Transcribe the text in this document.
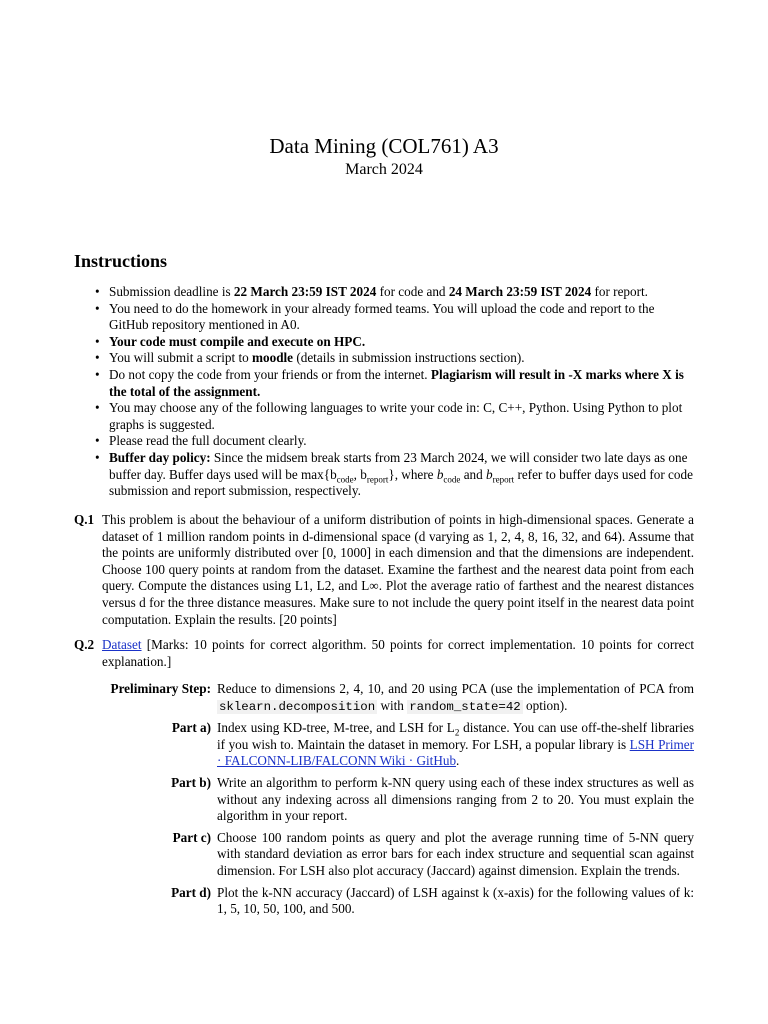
Data Mining (COL761) A3
March 2024
Instructions
• Submission deadline is 22 March 23:59 IST 2024 for code and 24 March 23:59 IST 2024 for report.
• You need to do the homework in your already formed teams. You will upload the code and report to the GitHub repository mentioned in A0.
• Your code must compile and execute on HPC.
• You will submit a script to moodle (details in submission instructions section).
• Do not copy the code from your friends or from the internet. Plagiarism will result in -X marks where X is the total of the assignment.
• You may choose any of the following languages to write your code in: C, C++, Python. Using Python to plot graphs is suggested.
• Please read the full document clearly.
• Buffer day policy: Since the midsem break starts from 23 March 2024, we will consider two late days as one buffer day. Buffer days used will be $\max\{b_{code}$, $b_{report}$}, where $b_{code}$ and $b_{report}$ refer to buffer days used for code submission and report submission, respectively.
Q.1 This problem is about the behaviour of a uniform distribution of points in high-dimensional spaces. Generate a dataset of 1 million random points in d-dimensional space (d varying as 1, 2, 4, 8, 16, 32, and 64). Assume that the points are uniformly distributed over [0, 1000] in each dimension and that the dimensions are independent. Choose 100 query points at random from the dataset. Examine the farthest and the nearest data point from each query. Compute the distances using L1, L2, and L∞. Plot the average ratio of farthest and the nearest distances versus d for the three distance measures. Make sure to not include the query point itself in the nearest data point computation. Explain the results. [20 points]
Q.2 Dataset [Marks: 10 points for correct algorithm. 50 points for correct implementation. 10 points for correct explanation.]
Preliminary Step: Reduce to dimensions 2, 4, 10, and 20 using PCA (use the implementation of PCA from sklearn.decomposition with random_state=42 option).
Part a) Index using KD-tree, M-tree, and LSH for $L_2$ distance. You can use off-the-shelf libraries if you wish to. Maintain the dataset in memory. For LSH, a popular library is LSH Primer · FALCONN-LIB/FALCONN Wiki · GitHub.
Part b) Write an algorithm to perform k-NN query using each of these index structures as well as without any indexing across all dimensions ranging from 2 to 20. You must explain the algorithm in your report.
Part c) Choose 100 random points as query and plot the average running time of 5-NN query with standard deviation as error bars for each index structure and sequential scan against dimension. For LSH also plot accuracy (Jaccard) against dimension. Explain the trends.
Part d) Plot the k-NN accuracy (Jaccard) of LSH against k (x-axis) for the following values of k: 1, 5, 10, 50, 100, and 500.
